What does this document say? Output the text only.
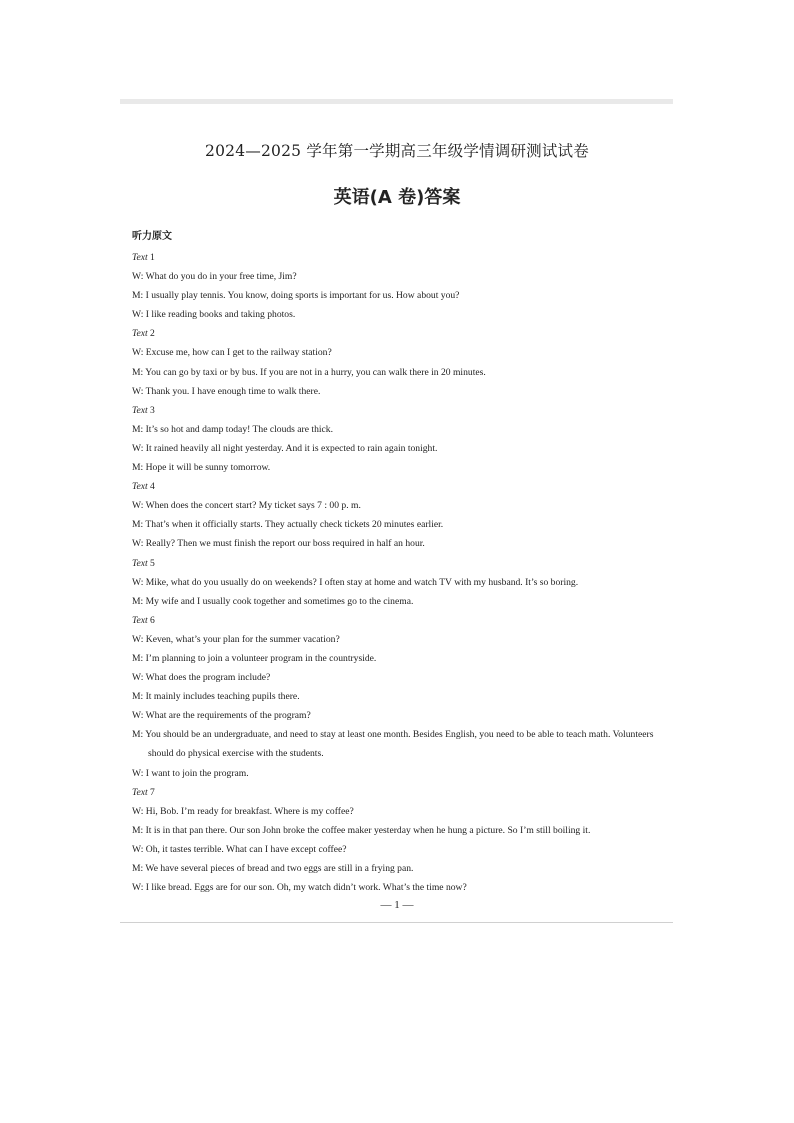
2024—2025 学年第一学期高三年级学情调研测试试卷
英语(A 卷)答案
听力原文
Text 1
W: What do you do in your free time, Jim?
M: I usually play tennis. You know, doing sports is important for us. How about you?
W: I like reading books and taking photos.
Text 2
W: Excuse me, how can I get to the railway station?
M: You can go by taxi or by bus. If you are not in a hurry, you can walk there in 20 minutes.
W: Thank you. I have enough time to walk there.
Text 3
M: It’s so hot and damp today! The clouds are thick.
W: It rained heavily all night yesterday. And it is expected to rain again tonight.
M: Hope it will be sunny tomorrow.
Text 4
W: When does the concert start? My ticket says 7 : 00 p. m.
M: That’s when it officially starts. They actually check tickets 20 minutes earlier.
W: Really? Then we must finish the report our boss required in half an hour.
Text 5
W: Mike, what do you usually do on weekends? I often stay at home and watch TV with my husband. It’s so boring.
M: My wife and I usually cook together and sometimes go to the cinema.
Text 6
W: Keven, what’s your plan for the summer vacation?
M: I’m planning to join a volunteer program in the countryside.
W: What does the program include?
M: It mainly includes teaching pupils there.
W: What are the requirements of the program?
M: You should be an undergraduate, and need to stay at least one month. Besides English, you need to be able to teach math. Volunteers should do physical exercise with the students.
W: I want to join the program.
Text 7
W: Hi, Bob. I’m ready for breakfast. Where is my coffee?
M: It is in that pan there. Our son John broke the coffee maker yesterday when he hung a picture. So I’m still boiling it.
W: Oh, it tastes terrible. What can I have except coffee?
M: We have several pieces of bread and two eggs are still in a frying pan.
W: I like bread. Eggs are for our son. Oh, my watch didn’t work. What’s the time now?
— 1 —
